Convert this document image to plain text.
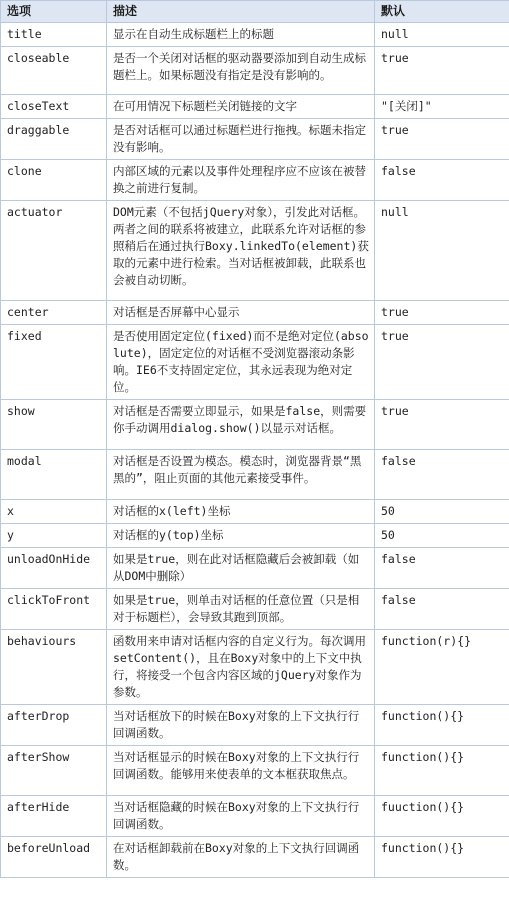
选项	描述	默认
title	显示在自动生成标题栏上的标题	null
closeable	是否一个关闭对话框的驱动器要添加到自动生成标题栏上。如果标题没有指定是没有影响的。	true
closeText	在可用情况下标题栏关闭链接的文字	"[关闭]"
draggable	是否对话框可以通过标题栏进行拖拽。标题未指定没有影响。	true
clone	内部区域的元素以及事件处理程序应不应该在被替换之前进行复制。	false
actuator	DOM元素（不包括jQuery对象），引发此对话框。两者之间的联系将被建立，此联系允许对话框的参照稍后在通过执行Boxy.linkedTo(element)获取的元素中进行检索。当对话框被卸载，此联系也会被自动切断。	null
center	对话框是否屏幕中心显示	true
fixed	是否使用固定定位(fixed)而不是绝对定位(absolute)，固定定位的对话框不受浏览器滚动条影响。IE6不支持固定定位，其永远表现为绝对定位。	true
show	对话框是否需要立即显示，如果是false，则需要你手动调用dialog.show()以显示对话框。	true
modal	对话框是否设置为模态。模态时，浏览器背景“黑黑的”，阻止页面的其他元素接受事件。	false
x	对话框的x(left)坐标	50
y	对话框的y(top)坐标	50
unloadOnHide	如果是true，则在此对话框隐藏后会被卸载（如从DOM中删除）	false
clickToFront	如果是true，则单击对话框的任意位置（只是相对于标题栏），会导致其跑到顶部。	false
behaviours	函数用来申请对话框内容的自定义行为。每次调用setContent()，且在Boxy对象中的上下文中执行，将接受一个包含内容区域的jQuery对象作为参数。	function(r){}
afterDrop	当对话框放下的时候在Boxy对象的上下文执行行回调函数。	function(){}
afterShow	当对话框显示的时候在Boxy对象的上下文执行行回调函数。能够用来使表单的文本框获取焦点。	function(){}
afterHide	当对话框隐藏的时候在Boxy对象的上下文执行行回调函数。	fuuction(){}
beforeUnload	在对话框卸载前在Boxy对象的上下文执行回调函数。	function(){}
